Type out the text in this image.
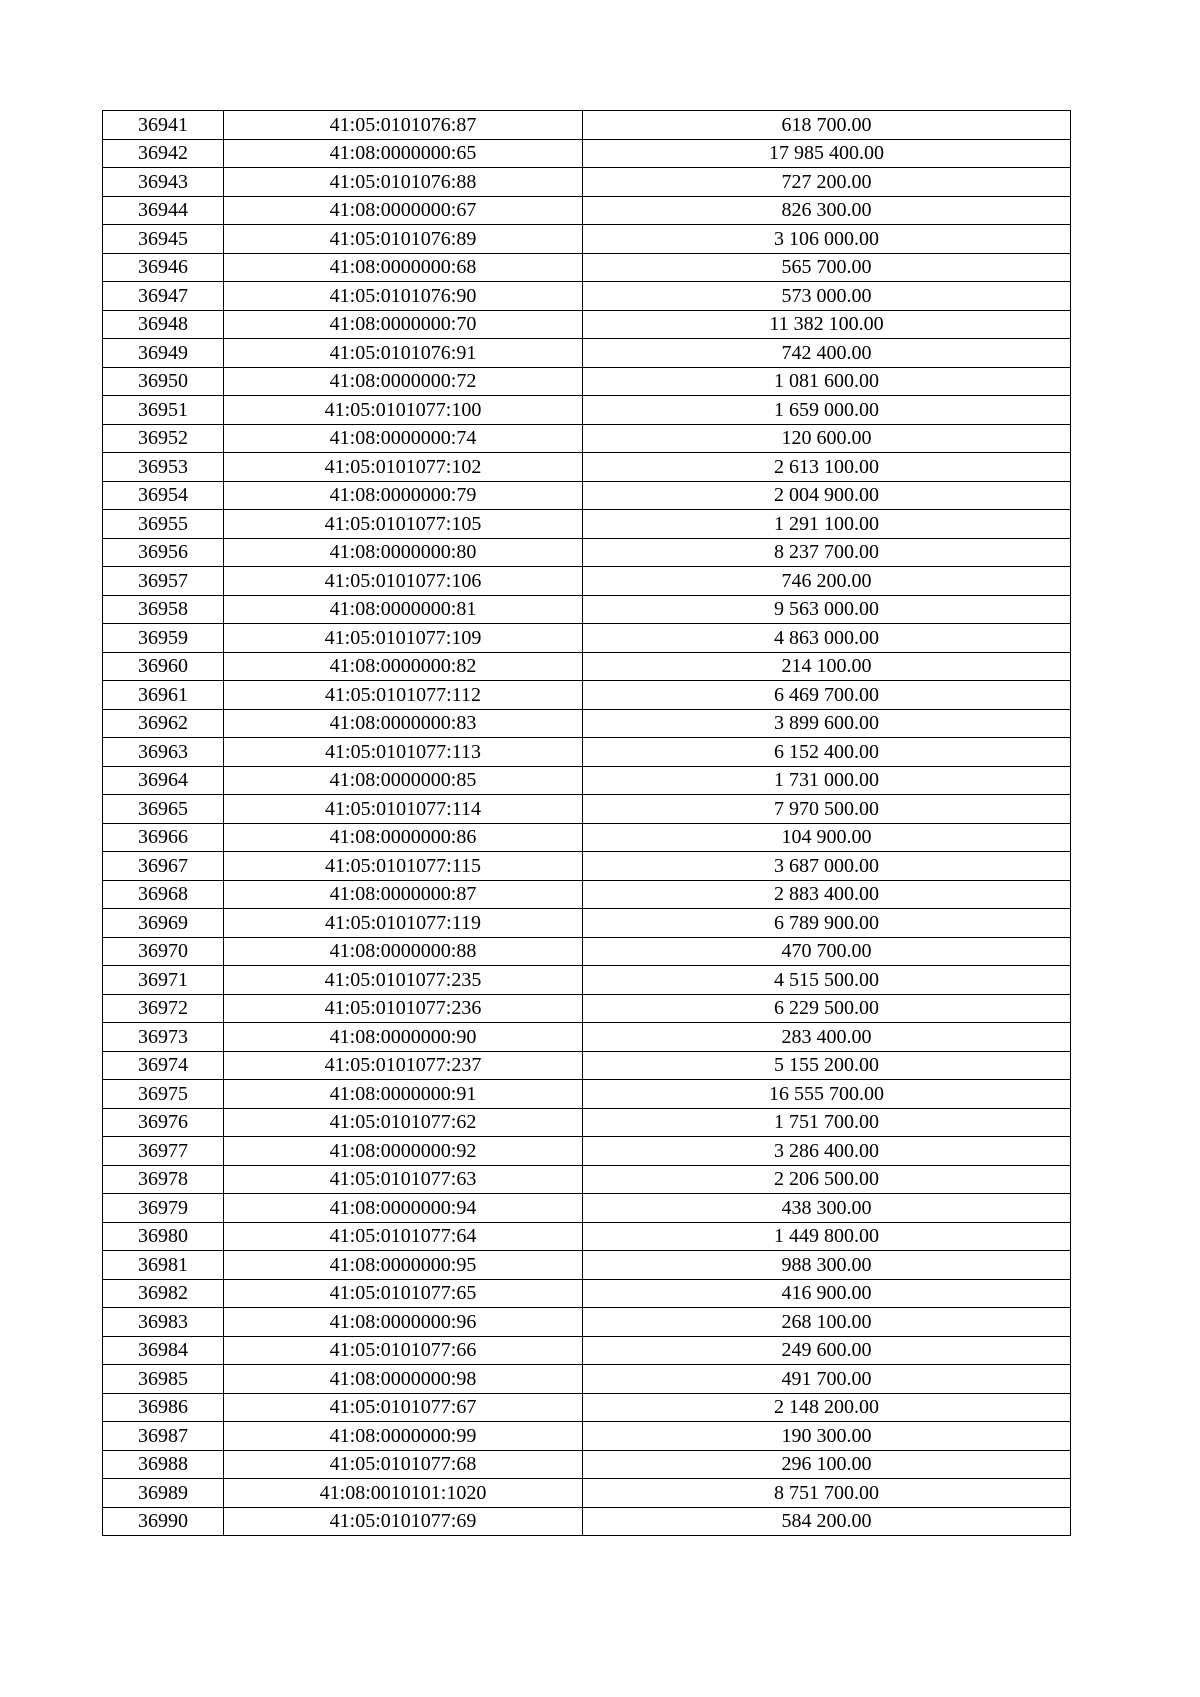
36941	41:05:0101076:87	618 700.00
36942	41:08:0000000:65	17 985 400.00
36943	41:05:0101076:88	727 200.00
36944	41:08:0000000:67	826 300.00
36945	41:05:0101076:89	3 106 000.00
36946	41:08:0000000:68	565 700.00
36947	41:05:0101076:90	573 000.00
36948	41:08:0000000:70	11 382 100.00
36949	41:05:0101076:91	742 400.00
36950	41:08:0000000:72	1 081 600.00
36951	41:05:0101077:100	1 659 000.00
36952	41:08:0000000:74	120 600.00
36953	41:05:0101077:102	2 613 100.00
36954	41:08:0000000:79	2 004 900.00
36955	41:05:0101077:105	1 291 100.00
36956	41:08:0000000:80	8 237 700.00
36957	41:05:0101077:106	746 200.00
36958	41:08:0000000:81	9 563 000.00
36959	41:05:0101077:109	4 863 000.00
36960	41:08:0000000:82	214 100.00
36961	41:05:0101077:112	6 469 700.00
36962	41:08:0000000:83	3 899 600.00
36963	41:05:0101077:113	6 152 400.00
36964	41:08:0000000:85	1 731 000.00
36965	41:05:0101077:114	7 970 500.00
36966	41:08:0000000:86	104 900.00
36967	41:05:0101077:115	3 687 000.00
36968	41:08:0000000:87	2 883 400.00
36969	41:05:0101077:119	6 789 900.00
36970	41:08:0000000:88	470 700.00
36971	41:05:0101077:235	4 515 500.00
36972	41:05:0101077:236	6 229 500.00
36973	41:08:0000000:90	283 400.00
36974	41:05:0101077:237	5 155 200.00
36975	41:08:0000000:91	16 555 700.00
36976	41:05:0101077:62	1 751 700.00
36977	41:08:0000000:92	3 286 400.00
36978	41:05:0101077:63	2 206 500.00
36979	41:08:0000000:94	438 300.00
36980	41:05:0101077:64	1 449 800.00
36981	41:08:0000000:95	988 300.00
36982	41:05:0101077:65	416 900.00
36983	41:08:0000000:96	268 100.00
36984	41:05:0101077:66	249 600.00
36985	41:08:0000000:98	491 700.00
36986	41:05:0101077:67	2 148 200.00
36987	41:08:0000000:99	190 300.00
36988	41:05:0101077:68	296 100.00
36989	41:08:0010101:1020	8 751 700.00
36990	41:05:0101077:69	584 200.00
